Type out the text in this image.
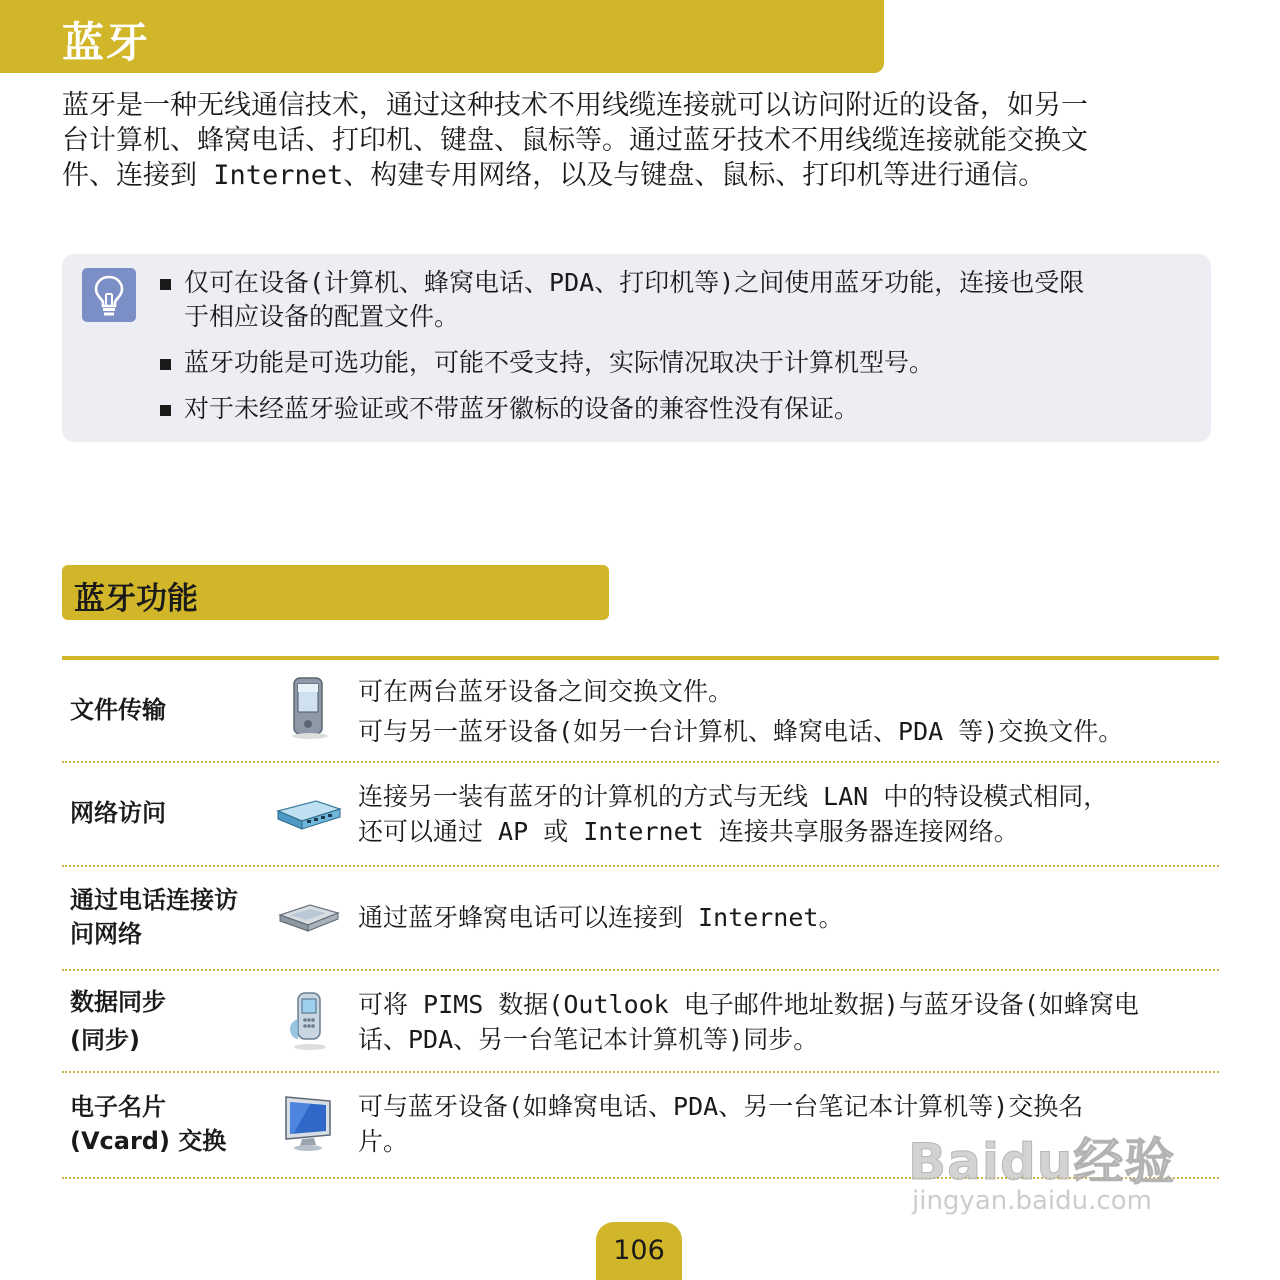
蓝牙
蓝牙是一种无线通信技术，通过这种技术不用线缆连接就可以访问附近的设备，如另一
台计算机、蜂窝电话、打印机、键盘、鼠标等。通过蓝牙技术不用线缆连接就能交换文
件、连接到 Internet、构建专用网络，以及与键盘、鼠标、打印机等进行通信。
仅可在设备(计算机、蜂窝电话、PDA、打印机等)之间使用蓝牙功能，连接也受限
于相应设备的配置文件。
蓝牙功能是可选功能，可能不受支持，实际情况取决于计算机型号。
对于未经蓝牙验证或不带蓝牙徽标的设备的兼容性没有保证。
蓝牙功能
文件传输
可在两台蓝牙设备之间交换文件。
可与另一蓝牙设备(如另一台计算机、蜂窝电话、PDA 等)交换文件。
网络访问
连接另一装有蓝牙的计算机的方式与无线 LAN 中的特设模式相同，
还可以通过 AP 或 Internet 连接共享服务器连接网络。
通过电话连接访
问网络
通过蓝牙蜂窝电话可以连接到 Internet。
数据同步
(同步)
可将 PIMS 数据(Outlook 电子邮件地址数据)与蓝牙设备(如蜂窝电
话、PDA、另一台笔记本计算机等)同步。
电子名片
(Vcard) 交换
可与蓝牙设备(如蜂窝电话、PDA、另一台笔记本计算机等)交换名
片。	Baidu经验
jingyan.baidu.com
106
